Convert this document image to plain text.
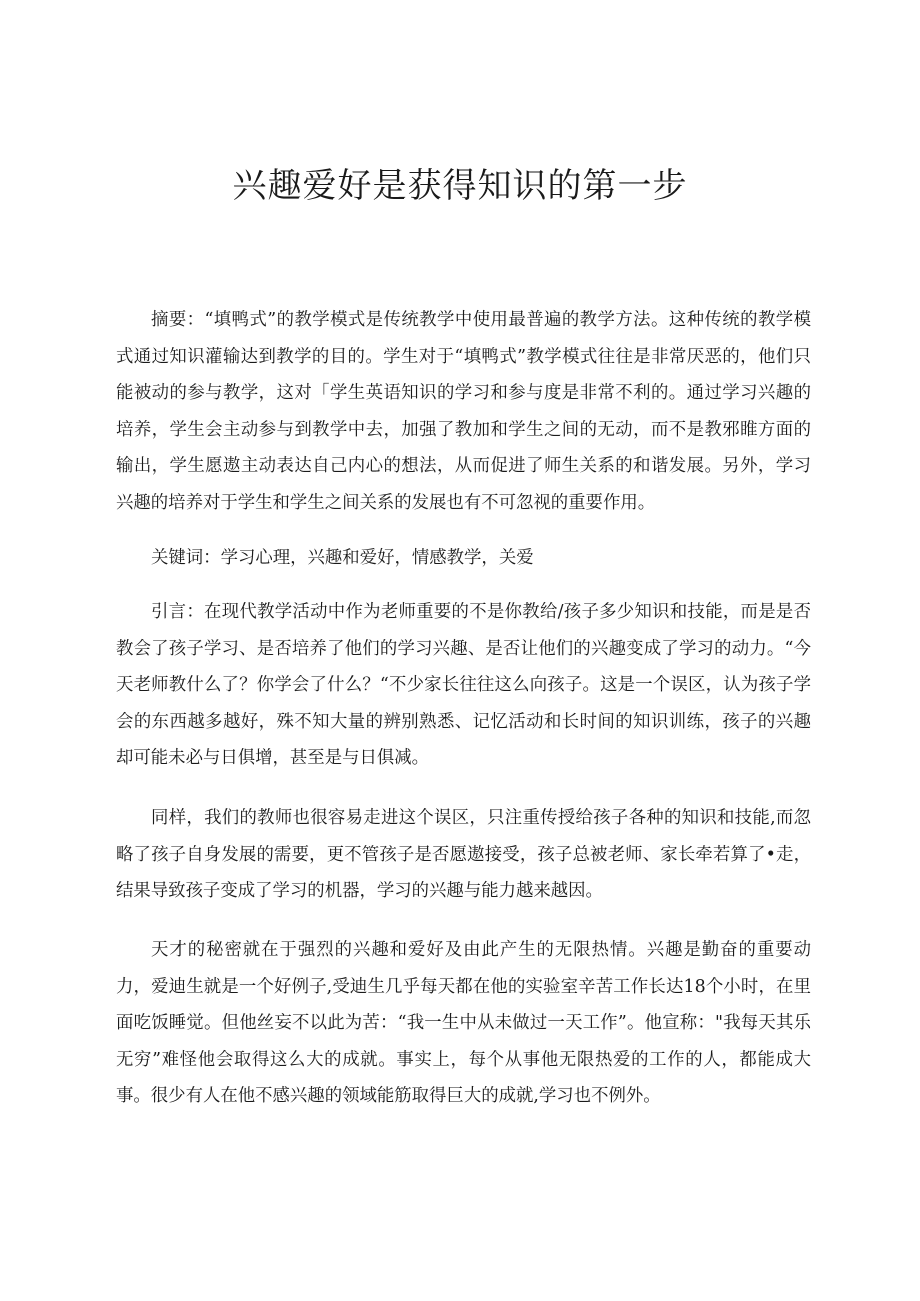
兴趣爱好是获得知识的第一步

摘要：“填鸭式”的教学模式是传统教学中使用最普遍的教学方法。这种传统的教学模式通过知识灌输达到教学的目的。学生对于“填鸭式”教学模式往往是非常厌恶的，他们只能被动的参与教学，这对「学生英语知识的学习和参与度是非常不利的。通过学习兴趣的培养，学生会主动参与到教学中去，加强了教加和学生之间的无动，而不是教邪睢方面的输出，学生愿遨主动表达自己内心的想法，从而促进了师生关系的和谐发展。另外，学习兴趣的培养对于学生和学生之间关系的发展也有不可忽视的重要作用。

关键词：学习心理，兴趣和爱好，情感教学，关爱

引言：在现代教学活动中作为老师重要的不是你教给/孩子多少知识和技能，而是是否教会了孩子学习、是否培养了他们的学习兴趣、是否让他们的兴趣变成了学习的动力。“今天老师教什么了？你学会了什么？“不少家长往往这么向孩子。这是一个误区，认为孩子学会的东西越多越好，殊不知大量的辨别熟悉、记忆活动和长时间的知识训练，孩子的兴趣却可能未必与日俱增，甚至是与日俱减。

同样，我们的教师也很容易走进这个误区，只注重传授给孩子各种的知识和技能,而忽略了孩子自身发展的需要，更不管孩子是否愿遨接受，孩子总被老师、家长牵若算了•走，结果导致孩子变成了学习的机器，学习的兴趣与能力越来越因。

天才的秘密就在于强烈的兴趣和爱好及由此产生的无限热情。兴趣是勤奋的重要动力，爱迪生就是一个好例子,受迪生几乎每天都在他的实验室辛苦工作长达18个小时，在里面吃饭睡觉。但他丝妄不以此为苦：“我一生中从未做过一天工作”。他宣称："我每天其乐无穷”难怪他会取得这么大的成就。事实上，每个从事他无限热爱的工作的人，都能成大事。很少有人在他不感兴趣的领域能筋取得巨大的成就,学习也不例外。
